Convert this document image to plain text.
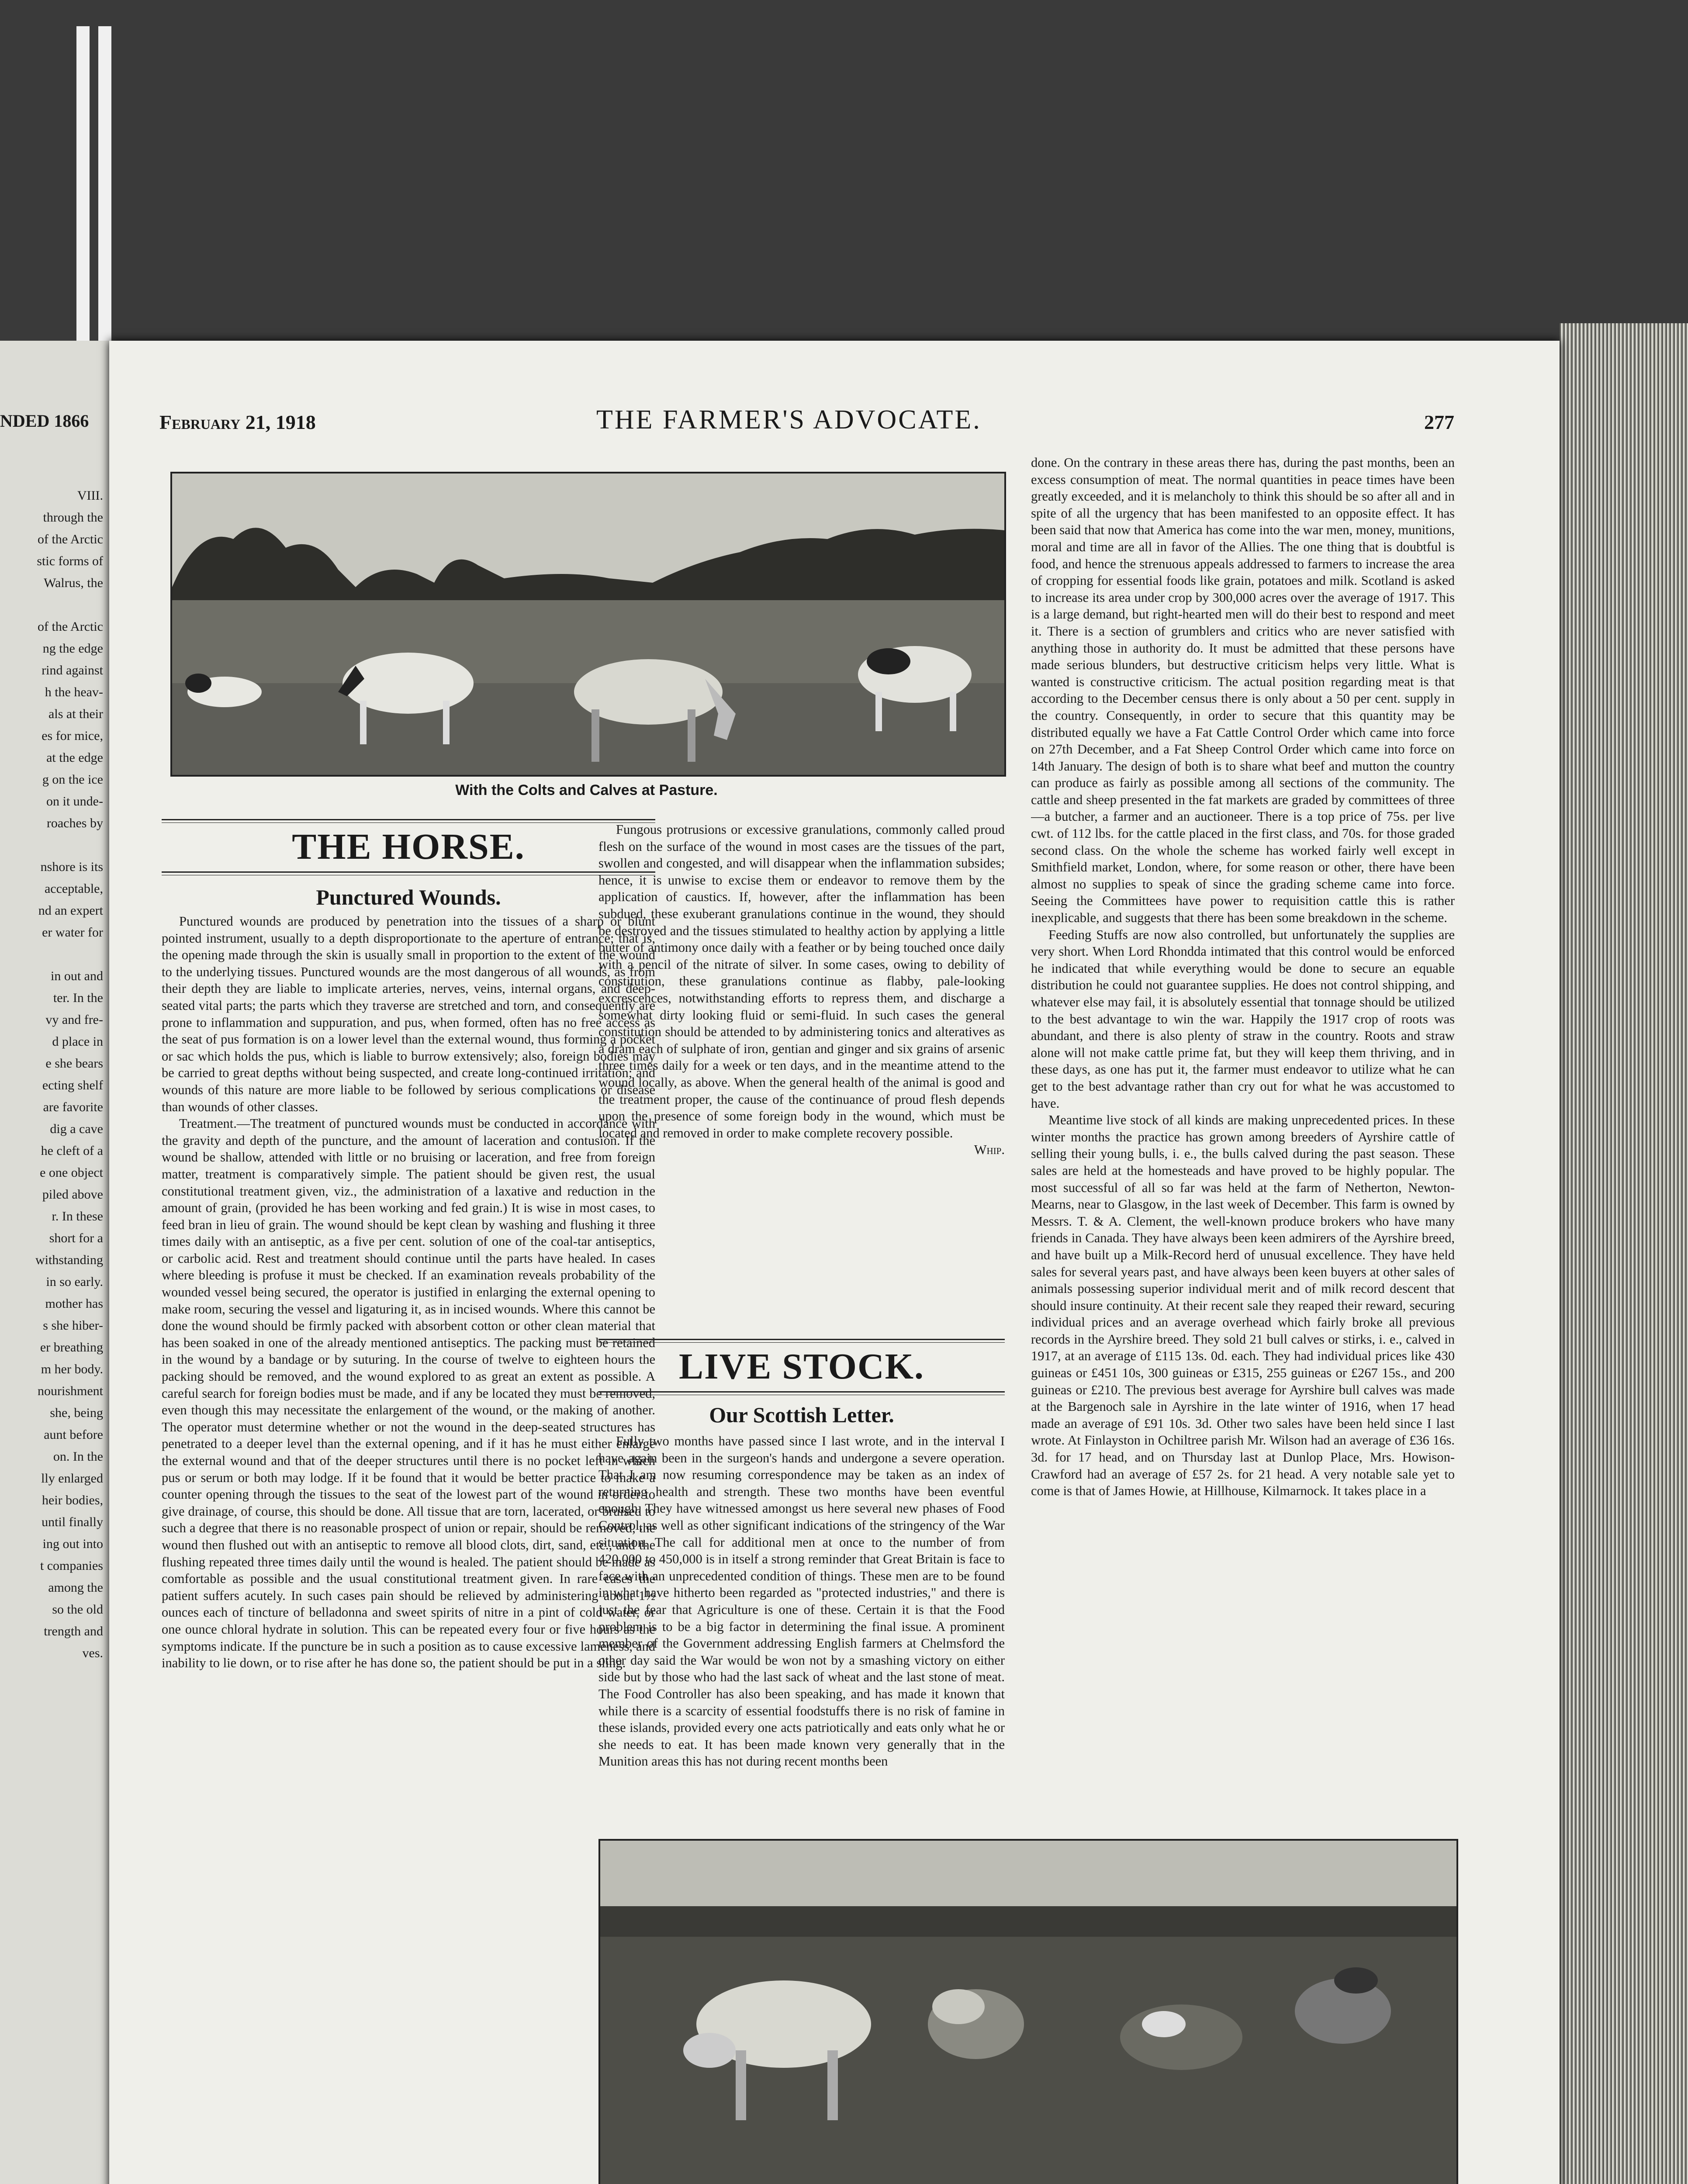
NDED 1866
VIII.
through the
of the Arctic
stic forms of
Walrus, the

of the Arctic
ng the edge
rind against
h the heav-
als at their
es for mice,
at the edge
g on the ice
on it unde-
roaches by

nshore is its
acceptable,
nd an expert
er water for

in out and
ter. In the
vy and fre-
d place in
e she bears
ecting shelf
are favorite
dig a cave
he cleft of a
e one object
piled above
r. In these
short for a
withstanding
in so early.
mother has
s she hiber-
er breathing
m her body.
nourishment
she, being
aunt before
on. In the
lly enlarged
heir bodies,
until finally
ing out into
t companies
among the
so the old
trength and
ves.
February 21, 1918	THE FARMER'S ADVOCATE.	277
With the Colts and Calves at Pasture.
THE HORSE.
Punctured Wounds.

Punctured wounds are produced by penetration into the tissues of a sharp or blunt pointed instrument, usually to a depth disproportionate to the aperture of entrance; that is, the opening made through the skin is usually small in proportion to the extent of the wound to the underlying tissues. Punctured wounds are the most dangerous of all wounds, as from their depth they are liable to implicate arteries, nerves, veins, internal organs, and deep-seated vital parts; the parts which they traverse are stretched and torn, and consequently are prone to inflammation and suppuration, and pus, when formed, often has no free access as the seat of pus formation is on a lower level than the external wound, thus forming a pocket or sac which holds the pus, which is liable to burrow extensively; also, foreign bodies may be carried to great depths without being suspected, and create long-continued irritation; and wounds of this nature are more liable to be followed by serious complications or disease than wounds of other classes.

Treatment.—The treatment of punctured wounds must be conducted in accordance with the gravity and depth of the puncture, and the amount of laceration and contusion. If the wound be shallow, attended with little or no bruising or laceration, and free from foreign matter, treatment is comparatively simple. The patient should be given rest, the usual constitutional treatment given, viz., the administration of a laxative and reduction in the amount of grain, (provided he has been working and fed grain.) It is wise in most cases, to feed bran in lieu of grain. The wound should be kept clean by washing and flushing it three times daily with an antiseptic, as a five per cent. solution of one of the coal-tar antiseptics, or carbolic acid. Rest and treatment should continue until the parts have healed. In cases where bleeding is profuse it must be checked. If an examination reveals probability of the wounded vessel being secured, the operator is justified in enlarging the external opening to make room, securing the vessel and ligaturing it, as in incised wounds. Where this cannot be done the wound should be firmly packed with absorbent cotton or other clean material that has been soaked in one of the already mentioned antiseptics. The packing must be retained in the wound by a bandage or by suturing. In the course of twelve to eighteen hours the packing should be removed, and the wound explored to as great an extent as possible. A careful search for foreign bodies must be made, and if any be located they must be removed, even though this may necessitate the enlargement of the wound, or the making of another. The operator must determine whether or not the wound in the deep-seated structures has penetrated to a deeper level than the external opening, and if it has he must either enlarge the external wound and that of the deeper structures until there is no pocket left in which pus or serum or both may lodge. If it be found that it would be better practice to make a counter opening through the tissues to the seat of the lowest part of the wound in order to give drainage, of course, this should be done. All tissue that are torn, lacerated, or bruised to such a degree that there is no reasonable prospect of union or repair, should be removed, the wound then flushed out with an antiseptic to remove all blood clots, dirt, sand, etc., and the flushing repeated three times daily until the wound is healed. The patient should be made as comfortable as possible and the usual constitutional treatment given. In rare cases the patient suffers acutely. In such cases pain should be relieved by administering about 1½ ounces each of tincture of belladonna and sweet spirits of nitre in a pint of cold water, or one ounce chloral hydrate in solution. This can be repeated every four or five hours as the symptoms indicate. If the puncture be in such a position as to cause excessive lameness, and inability to lie down, or to rise after he has done so, the patient should be put in a sling.

Fungous protrusions or excessive granulations, commonly called proud flesh on the surface of the wound in most cases are the tissues of the part, swollen and congested, and will disappear when the inflammation subsides; hence, it is unwise to excise them or endeavor to remove them by the application of caustics. If, however, after the inflammation has been subdued, these exuberant granulations continue in the wound, they should be destroyed and the tissues stimulated to healthy action by applying a little butter of antimony once daily with a feather or by being touched once daily with a pencil of the nitrate of silver. In some cases, owing to debility of constitution, these granulations continue as flabby, pale-looking excrescences, notwithstanding efforts to repress them, and discharge a somewhat dirty looking fluid or semi-fluid. In such cases the general constitution should be attended to by administering tonics and alteratives as a dram each of sulphate of iron, gentian and ginger and six grains of arsenic three times daily for a week or ten days, and in the meantime attend to the wound locally, as above. When the general health of the animal is good and the treatment proper, the cause of the continuance of proud flesh depends upon the presence of some foreign body in the wound, which must be located and removed in order to make complete recovery possible.

Whip.
LIVE STOCK.
Our Scottish Letter.

Fully two months have passed since I last wrote, and in the interval I have again been in the surgeon's hands and undergone a severe operation. That I am now resuming correspondence may be taken as an index of returning health and strength. These two months have been eventful enough. They have witnessed amongst us here several new phases of Food Control, as well as other significant indications of the stringency of the War situation. The call for additional men at once to the number of from 420,000 to 450,000 is in itself a strong reminder that Great Britain is face to face with an unprecedented condition of things. These men are to be found in what have hitherto been regarded as "protected industries," and there is just the fear that Agriculture is one of these. Certain it is that the Food problem is to be a big factor in determining the final issue. A prominent member of the Government addressing English farmers at Chelmsford the other day said the War would be won not by a smashing victory on either side but by those who had the last sack of wheat and the last stone of meat. The Food Controller has also been speaking, and has made it known that while there is a scarcity of essential foodstuffs there is no risk of famine in these islands, provided every one acts patriotically and eats only what he or she needs to eat. It has been made known very generally that in the Munition areas this has not during recent months been

done. On the contrary in these areas there has, during the past months, been an excess consumption of meat. The normal quantities in peace times have been greatly exceeded, and it is melancholy to think this should be so after all and in spite of all the urgency that has been manifested to an opposite effect. It has been said that now that America has come into the war men, money, munitions, moral and time are all in favor of the Allies. The one thing that is doubtful is food, and hence the strenuous appeals addressed to farmers to increase the area of cropping for essential foods like grain, potatoes and milk. Scotland is asked to increase its area under crop by 300,000 acres over the average of 1917. This is a large demand, but right-hearted men will do their best to respond and meet it. There is a section of grumblers and critics who are never satisfied with anything those in authority do. It must be admitted that these persons have made serious blunders, but destructive criticism helps very little. What is wanted is constructive criticism. The actual position regarding meat is that according to the December census there is only about a 50 per cent. supply in the country. Consequently, in order to secure that this quantity may be distributed equally we have a Fat Cattle Control Order which came into force on 27th December, and a Fat Sheep Control Order which came into force on 14th January. The design of both is to share what beef and mutton the country can produce as fairly as possible among all sections of the community. The cattle and sheep presented in the fat markets are graded by committees of three—a butcher, a farmer and an auctioneer. There is a top price of 75s. per live cwt. of 112 lbs. for the cattle placed in the first class, and 70s. for those graded second class. On the whole the scheme has worked fairly well except in Smithfield market, London, where, for some reason or other, there have been almost no supplies to speak of since the grading scheme came into force. Seeing the Committees have power to requisition cattle this is rather inexplicable, and suggests that there has been some breakdown in the scheme.

Feeding Stuffs are now also controlled, but unfortunately the supplies are very short. When Lord Rhondda intimated that this control would be enforced he indicated that while everything would be done to secure an equable distribution he could not guarantee supplies. He does not control shipping, and whatever else may fail, it is absolutely essential that tonnage should be utilized to the best advantage to win the war. Happily the 1917 crop of roots was abundant, and there is also plenty of straw in the country. Roots and straw alone will not make cattle prime fat, but they will keep them thriving, and in these days, as one has put it, the farmer must endeavor to utilize what he can get to the best advantage rather than cry out for what he was accustomed to have.

Meantime live stock of all kinds are making unprecedented prices. In these winter months the practice has grown among breeders of Ayrshire cattle of selling their young bulls, i. e., the bulls calved during the past season. These sales are held at the homesteads and have proved to be highly popular. The most successful of all so far was held at the farm of Netherton, Newton-Mearns, near to Glasgow, in the last week of December. This farm is owned by Messrs. T. & A. Clement, the well-known produce brokers who have many friends in Canada. They have always been keen admirers of the Ayrshire breed, and have built up a Milk-Record herd of unusual excellence. They have held sales for several years past, and have always been keen buyers at other sales of animals possessing superior individual merit and of milk record descent that should insure continuity. At their recent sale they reaped their reward, securing individual prices and an average overhead which fairly broke all previous records in the Ayrshire breed. They sold 21 bull calves or stirks, i. e., calved in 1917, at an average of £115 13s. 0d. each. They had individual prices like 430 guineas or £451 10s, 300 guineas or £315, 255 guineas or £267 15s., and 200 guineas or £210. The previous best average for Ayrshire bull calves was made at the Bargenoch sale in Ayrshire in the late winter of 1916, when 17 head made an average of £91 10s. 3d. Other two sales have been held since I last wrote. At Finlayston in Ochiltree parish Mr. Wilson had an average of £36 16s. 3d. for 17 head, and on Thursday last at Dunlop Place, Mrs. Howison-Crawford had an average of £57 2s. for 21 head. A very notable sale yet to come is that of James Howie, at Hillhouse, Kilmarnock. It takes place in a
